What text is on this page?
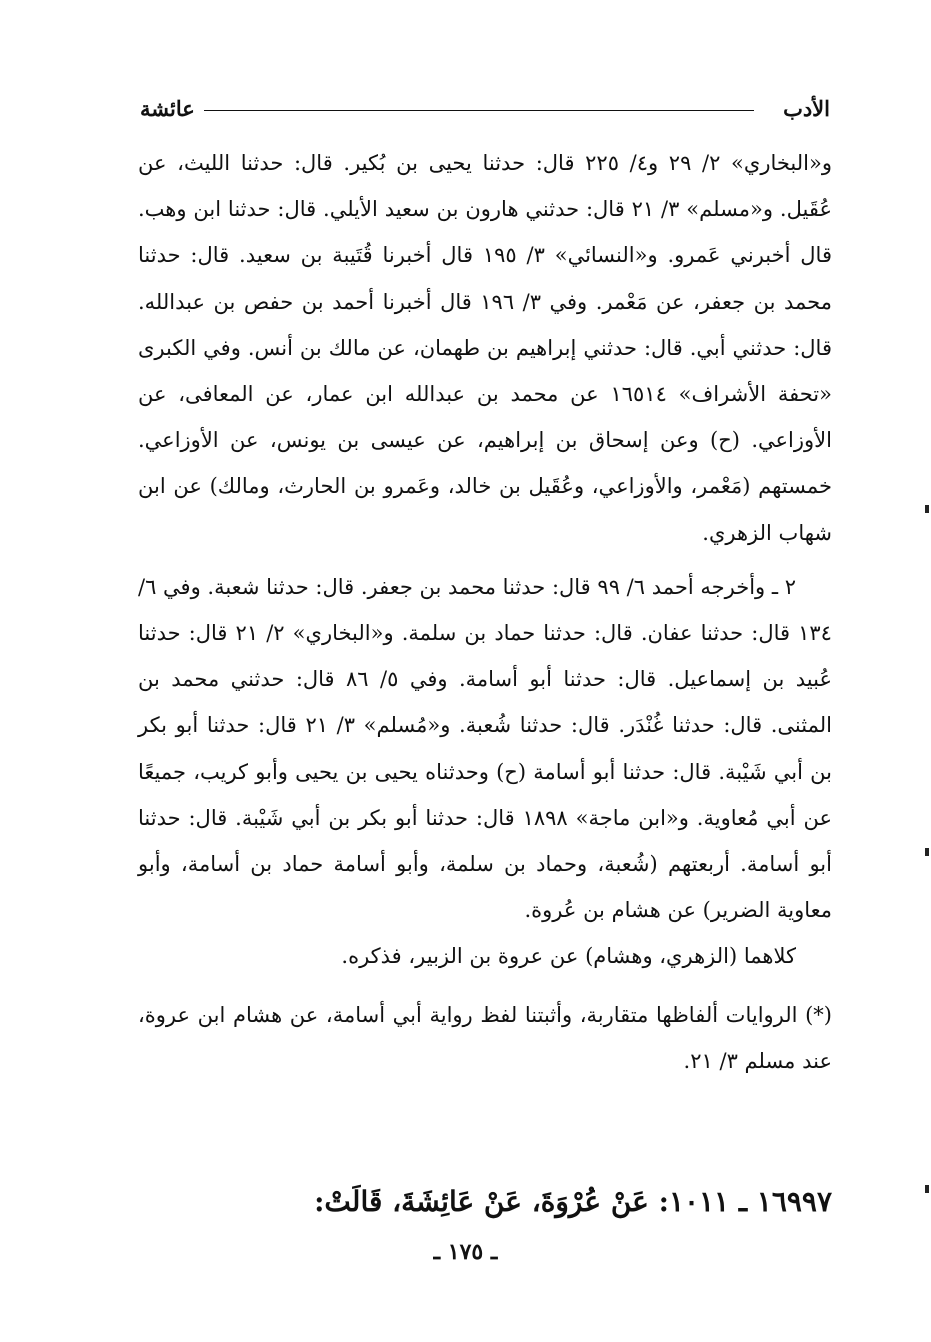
الأدب
عائشة

و«البخاري» ٢/ ٢٩ و٤/ ٢٢٥ قال: حدثنا يحيى بن بُكير. قال: حدثنا الليث، عن عُقَيل. و«مسلم» ٣/ ٢١ قال: حدثني هارون بن سعيد الأيلي. قال: حدثنا ابن وهب. قال أخبرني عَمرو. و«النسائي» ٣/ ١٩٥ قال أخبرنا قُتَيبة بن سعيد. قال: حدثنا محمد بن جعفر، عن مَعْمر. وفي ٣/ ١٩٦ قال أخبرنا أحمد بن حفص بن عبدالله. قال: حدثني أبي. قال: حدثني إبراهيم بن طهمان، عن مالك بن أنس. وفي الكبرى «تحفة الأشراف» ١٦٥١٤ عن محمد بن عبدالله ابن عمار، عن المعافى، عن الأوزاعي. (ح) وعن إسحاق بن إبراهيم، عن عيسى بن يونس، عن الأوزاعي. خمستهم (مَعْمر، والأوزاعي، وعُقَيل بن خالد، وعَمرو بن الحارث، ومالك) عن ابن شهاب الزهري.

٢ ـ وأخرجه أحمد ٦/ ٩٩ قال: حدثنا محمد بن جعفر. قال: حدثنا شعبة. وفي ٦/ ١٣٤ قال: حدثنا عفان. قال: حدثنا حماد بن سلمة. و«البخاري» ٢/ ٢١ قال: حدثنا عُبيد بن إسماعيل. قال: حدثنا أبو أسامة. وفي ٥/ ٨٦ قال: حدثني محمد بن المثنى. قال: حدثنا غُنْدَر. قال: حدثنا شُعبة. و«مُسلم» ٣/ ٢١ قال: حدثنا أبو بكر بن أبي شَيْبة. قال: حدثنا أبو أسامة (ح) وحدثناه يحيى بن يحيى وأبو كريب، جميعًا عن أبي مُعاوية. و«ابن ماجة» ١٨٩٨ قال: حدثنا أبو بكر بن أبي شَيْبة. قال: حدثنا أبو أسامة. أربعتهم (شُعبة، وحماد بن سلمة، وأبو أسامة حماد بن أسامة، وأبو معاوية الضرير) عن هشام بن عُروة.

كلاهما (الزهري، وهشام) عن عروة بن الزبير، فذكره.

(*) الروايات ألفاظها متقاربة، وأثبتنا لفظ رواية أبي أسامة، عن هشام ابن عروة، عند مسلم ٣/ ٢١.

١٦٩٩٧ ـ ١٠١١: عَنْ عُرْوَةَ، عَنْ عَائِشَةَ، قَالَتْ:
ـ ١٧٥ ـ
